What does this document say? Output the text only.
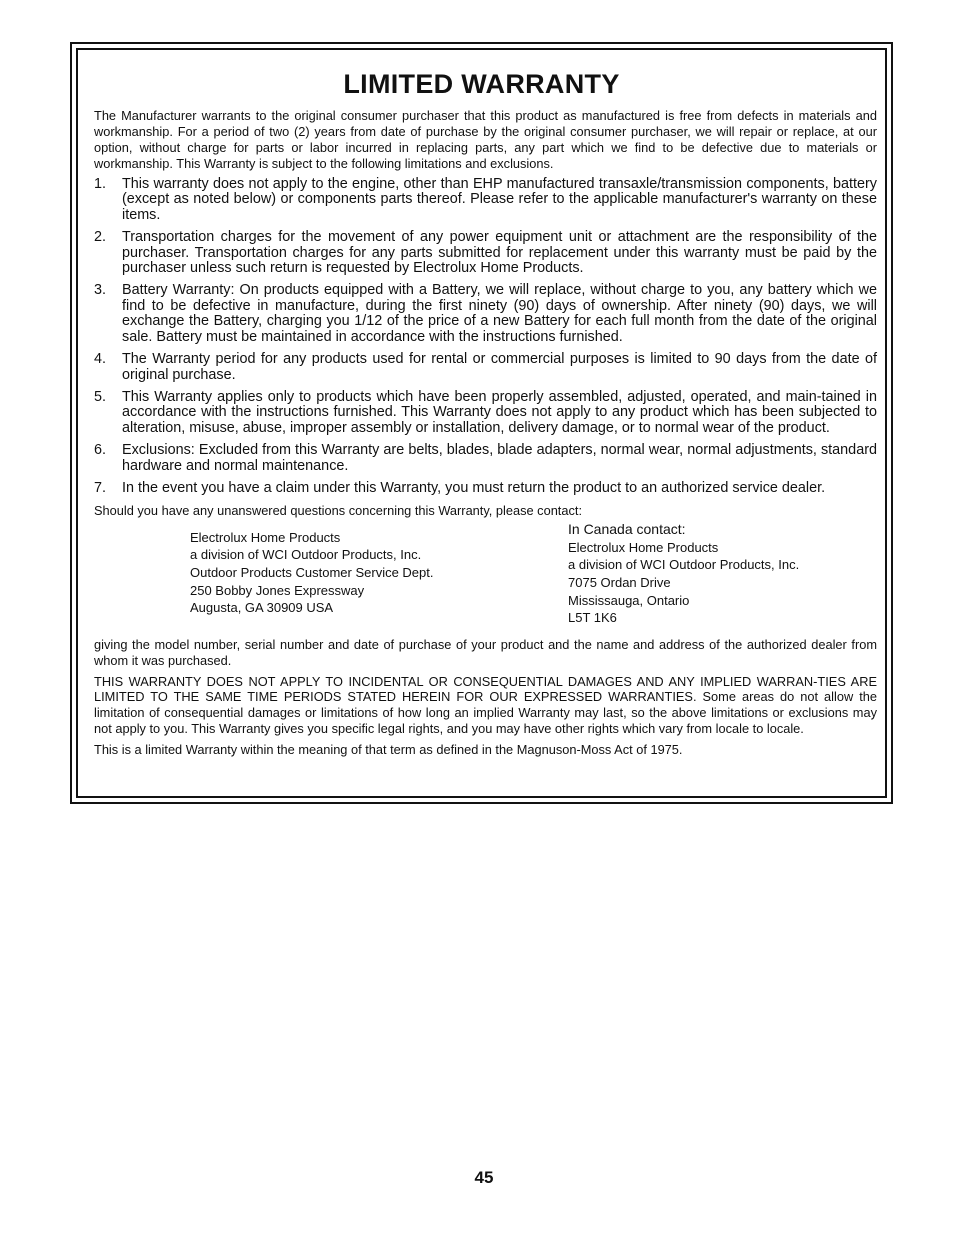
LIMITED WARRANTY

The Manufacturer warrants to the original consumer purchaser that this product as manufactured is free from defects in materials and workmanship. For a period of two (2) years from date of purchase by the original consumer purchaser, we will repair or replace, at our option, without charge for parts or labor incurred in replacing parts, any part which we find to be defective due to materials or workmanship. This Warranty is subject to the following limitations and exclusions.

1. This warranty does not apply to the engine, other than EHP manufactured transaxle/transmission components, battery (except as noted below) or components parts thereof. Please refer to the applicable manufacturer's warranty on these items.
2. Transportation charges for the movement of any power equipment unit or attachment are the responsibility of the purchaser. Transportation charges for any parts submitted for replacement under this warranty must be paid by the purchaser unless such return is requested by Electrolux Home Products.
3. Battery Warranty: On products equipped with a Battery, we will replace, without charge to you, any battery which we find to be defective in manufacture, during the first ninety (90) days of ownership. After ninety (90) days, we will exchange the Battery, charging you 1/12 of the price of a new Battery for each full month from the date of the original sale. Battery must be maintained in accordance with the instructions furnished.
4. The Warranty period for any products used for rental or commercial purposes is limited to 90 days from the date of original purchase.
5. This Warranty applies only to products which have been properly assembled, adjusted, operated, and main-tained in accordance with the instructions furnished. This Warranty does not apply to any product which has been subjected to alteration, misuse, abuse, improper assembly or installation, delivery damage, or to normal wear of the product.
6. Exclusions: Excluded from this Warranty are belts, blades, blade adapters, normal wear, normal adjustments, standard hardware and normal maintenance.
7. In the event you have a claim under this Warranty, you must return the product to an authorized service dealer.

Should you have any unanswered questions concerning this Warranty, please contact:

Electrolux Home Products
a division of WCI Outdoor Products, Inc.
Outdoor Products Customer Service Dept.
250 Bobby Jones Expressway
Augusta, GA 30909 USA
In Canada contact:
Electrolux Home Products
a division of WCI Outdoor Products, Inc.
7075 Ordan Drive
Mississauga, Ontario
L5T 1K6

giving the model number, serial number and date of purchase of your product and the name and address of the authorized dealer from whom it was purchased.

THIS WARRANTY DOES NOT APPLY TO INCIDENTAL OR CONSEQUENTIAL DAMAGES AND ANY IMPLIED WARRAN-TIES ARE LIMITED TO THE SAME TIME PERIODS STATED HEREIN FOR OUR EXPRESSED WARRANTIES. Some areas do not allow the limitation of consequential damages or limitations of how long an implied Warranty may last, so the above limitations or exclusions may not apply to you. This Warranty gives you specific legal rights, and you may have other rights which vary from locale to locale.

This is a limited Warranty within the meaning of that term as defined in the Magnuson-Moss Act of 1975.

45
